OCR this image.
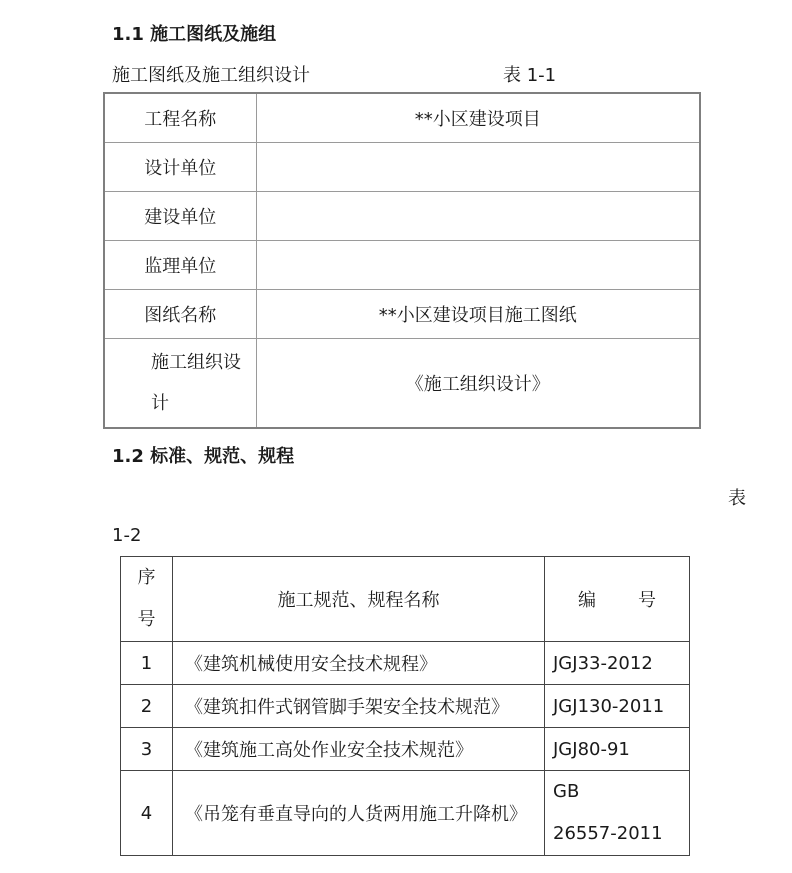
1.1 施工图纸及施组
施工图纸及施工组织设计	表 1-1
工程名称	**小区建设项目
设计单位	
建设单位	
监理单位	
图纸名称	**小区建设项目施工图纸

施工组织设
计	《施工组织设计》
1.2 标准、规范、规程
表
1-2
序
号	施工规范、规程名称	编 号
1	《建筑机械使用安全技术规程》	JGJ33-2012
2	《建筑扣件式钢管脚手架安全技术规范》	JGJ130-2011
3	《建筑施工高处作业安全技术规范》	JGJ80-91
4	《吊笼有垂直导向的人货两用施工升降机》	GB
26557-2011
